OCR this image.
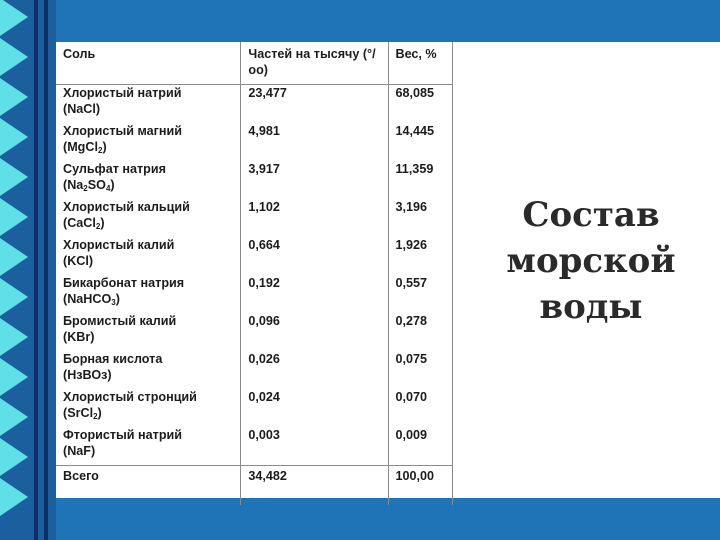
Соль	Частей на тысячу (°/оо)	Вес, %
Хлористый натрий
(NaCl)	23,477	68,085
Хлористый магний
(MgCl$_2$)	4,981	14,445
Сульфат натрия
$(Na_2SO_4)$	3,917	11,359
Хлористый кальций
(CaCl$_2$)	1,102	3,196
Хлористый калий
(KCl)	0,664	1,926
Бикарбонат натрия
(NaHCO$_3$)	0,192	0,557
Бромистый калий
(KBr)	0,096	0,278
Борная кислота
(НзВОз)	0,026	0,075
Хлористый стронций
(SrCl$_2$)	0,024	0,070
Фтористый натрий
(NaF)	0,003	0,009
Всего	34,482	100,00
Состав
морской
воды
